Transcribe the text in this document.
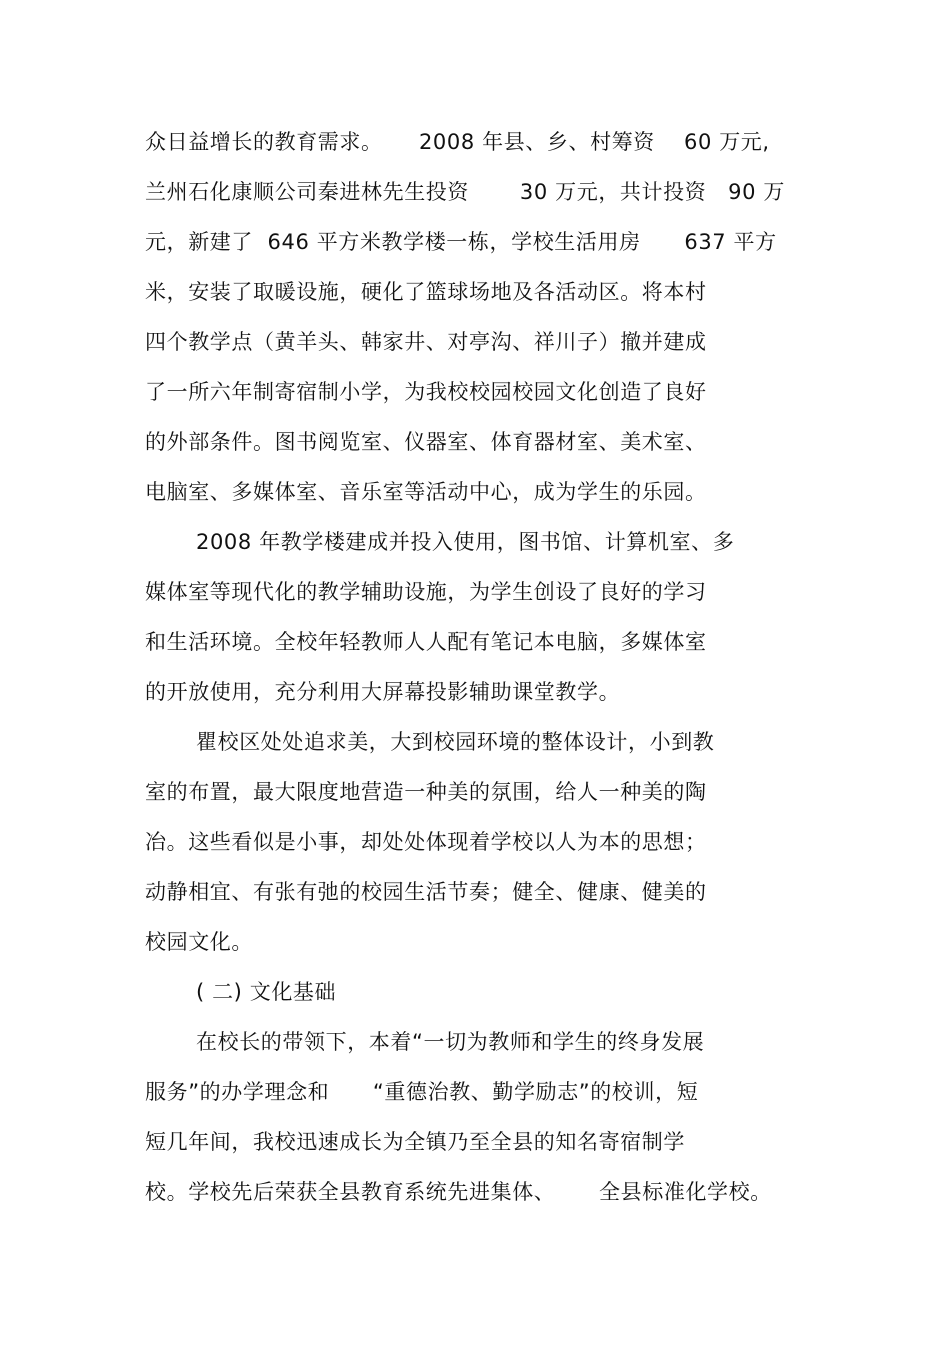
众日益增长的教育需求。     2008 年县、乡、村筹资    60 万元,
兰州石化康顺公司秦进林先生投资       30 万元，共计投资   90 万
元，新建了  646 平方米教学楼一栋，学校生活用房      637 平方
米，安装了取暖设施，硬化了篮球场地及各活动区。将本村
四个教学点（黄羊头、韩家井、对亭沟、祥川子）撤并建成
了一所六年制寄宿制小学，为我校校园校园文化创造了良好
的外部条件。图书阅览室、仪器室、体育器材室、美术室、
电脑室、多媒体室、音乐室等活动中心，成为学生的乐园。
2008 年教学楼建成并投入使用，图书馆、计算机室、多
媒体室等现代化的教学辅助设施，为学生创设了良好的学习
和生活环境。全校年轻教师人人配有笔记本电脑，多媒体室
的开放使用，充分利用大屏幕投影辅助课堂教学。
瞿校区处处追求美，大到校园环境的整体设计，小到教
室的布置，最大限度地营造一种美的氛围，给人一种美的陶
冶。这些看似是小事，却处处体现着学校以人为本的思想；
动静相宜、有张有弛的校园生活节奏；健全、健康、健美的
校园文化。
( 二) 文化基础
在校长的带领下，本着“一切为教师和学生的终身发展
服务”的办学理念和      “重德治教、勤学励志”的校训，短
短几年间，我校迅速成长为全镇乃至全县的知名寄宿制学
校。学校先后荣获全县教育系统先进集体、      全县标准化学校。
